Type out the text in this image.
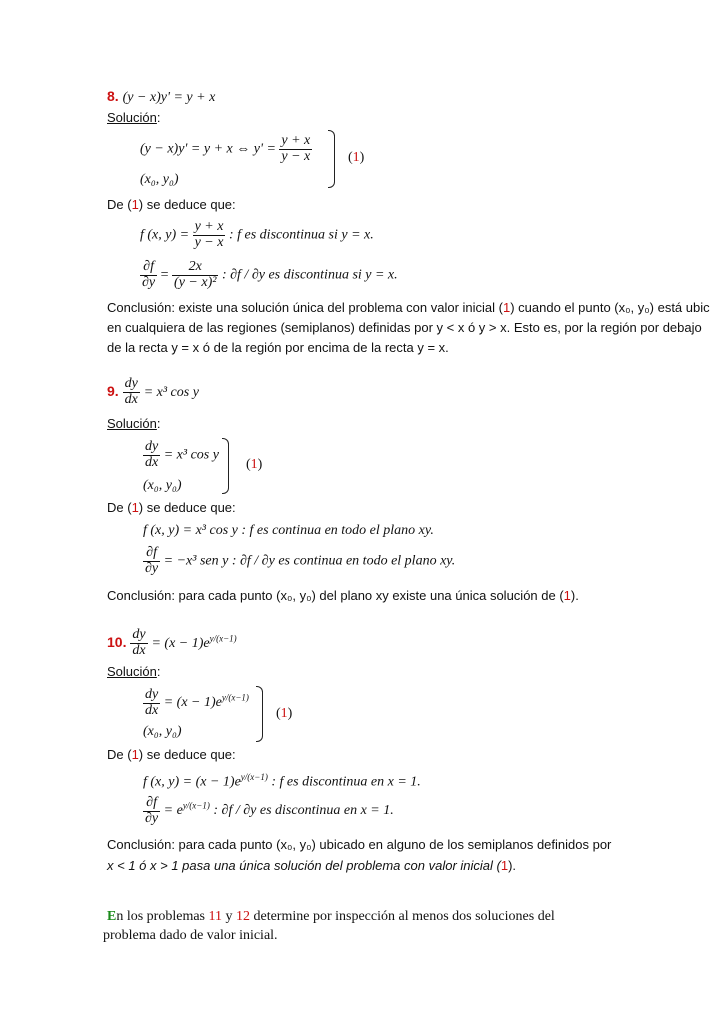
8. (y − x)y' = y + x
Solución:
(y − x)y' = y + x ⇔ $y' = \frac{y + x}{y - x}$	(1)
(x₀, y₀)
De (1) se deduce que:
f (x, $y) = \frac{y + x}{y - x}$ : f es discontinua si y = x.
$\frac{\partial f}{\partial y} = \frac{2x}{\text{(y − x)²}}$ : ∂f / ∂y es discontinua si y = x.
Conclusión: existe una solución única del problema con valor inicial (1) cuando el punto (x₀, y₀) está ubic
en cualquiera de las regiones (semiplanos) definidas por y < x ó y > x. Esto es, por la región por debajo
de la recta y = x ó de la región por encima de la recta y = x.
9. $\frac{dy}{dx} = x^3$ cos y
Solución:
$\frac{dy}{dx} = x^3$ cos y
(1)
(x₀, y₀)
De (1) se deduce que:
f (x, y) = x³ cos y : f es continua en todo el plano xy.
$\frac{\partial f}{\partial y} = -x^3$ sen y : ∂f / ∂y es continua en todo el plano xy.
Conclusión: para cada punto (x₀, y₀) del plano xy existe una única solución de (1).
10. $\frac{dy}{dx} = (x - 1)e^{y/(x-1)}$
Solución:
$\frac{dy}{dx} = (x - 1)e^{y/(x-1)}$
(1)
(x₀, y₀)
De (1) se deduce que:
f (x, $y) = (x - 1)e^{y/(x-1)}$ : f es discontinua en x = 1.
$\frac{\partial f}{\partial y} = e^{y/(x-1)}$ : ∂f / ∂y es discontinua en x = 1.
Conclusión: para cada punto (x₀, y₀) ubicado en alguno de los semiplanos definidos por
x < 1 ó x > 1 pasa una única solución del problema con valor inicial (1).
En los problemas 11 y 12 determine por inspección al menos dos soluciones del
problema dado de valor inicial.
